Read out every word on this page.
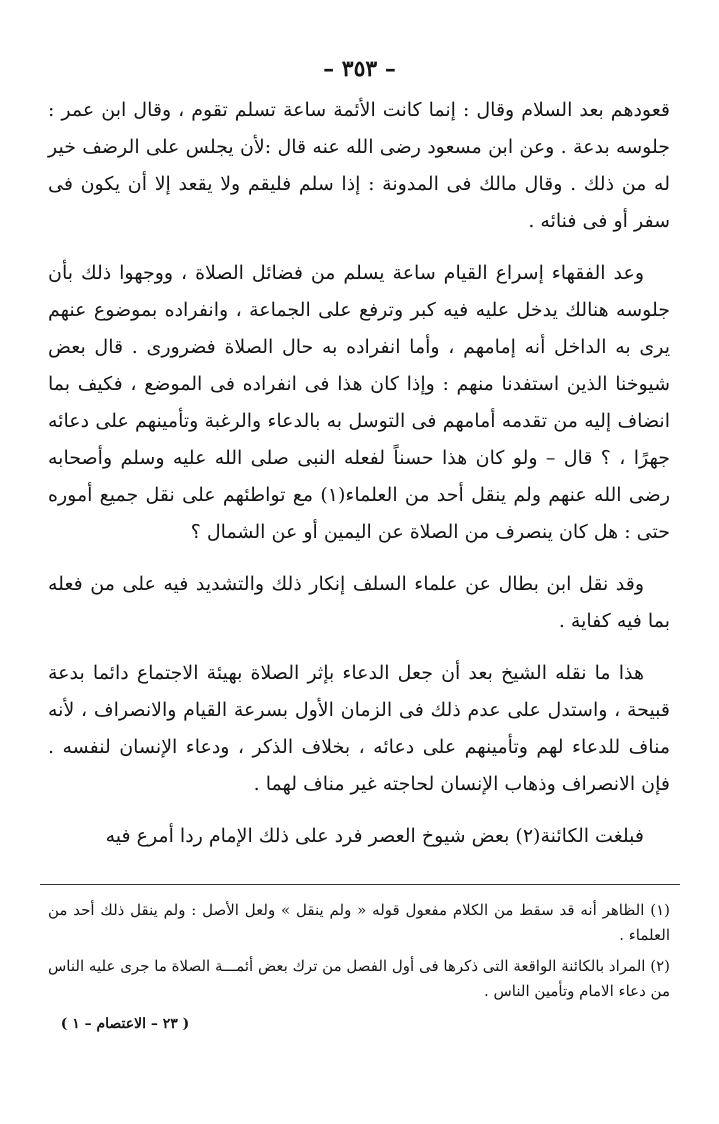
– ٣٥٣ –

قعودهم بعد السلام وقال : إنما كانت الأئمة ساعة تسلم تقوم ، وقال ابن عمر : جلوسه بدعة . وعن ابن مسعود رضى الله عنه قال :لأن يجلس على الرضف خير له من ذلك . وقال مالك فى المدونة : إذا سلم فليقم ولا يقعد إلا أن يكون فى سفر أو فى فنائه .

وعد الفقهاء إسراع القيام ساعة يسلم من فضائل الصلاة ، ووجهوا ذلك بأن جلوسه هنالك يدخل عليه فيه كبر وترفع على الجماعة ، وانفراده بموضوع عنهم يرى به الداخل أنه إمامهم ، وأما انفراده به حال الصلاة فضرورى . قال بعض شيوخنا الذين استفدنا منهم : وإذا كان هذا فى انفراده فى الموضع ، فكيف بما انضاف إليه من تقدمه أمامهم فى التوسل به بالدعاء والرغبة وتأمينهم على دعائه جهرًا ، ؟ قال – ولو كان هذا حسناً لفعله النبى صلى الله عليه وسلم وأصحابه رضى الله عنهم ولم ينقل أحد من العلماء(١) مع تواطئهم على نقل جميع أموره حتى : هل كان ينصرف من الصلاة عن اليمين أو عن الشمال ؟

وقد نقل ابن بطال عن علماء السلف إنكار ذلك والتشديد فيه على من فعله بما فيه كفاية .

هذا ما نقله الشيخ بعد أن جعل الدعاء بإثر الصلاة بهيئة الاجتماع دائما بدعة قبيحة ، واستدل على عدم ذلك فى الزمان الأول بسرعة القيام والانصراف ، لأنه مناف للدعاء لهم وتأمينهم على دعائه ، بخلاف الذكر ، ودعاء الإنسان لنفسه . فإن الانصراف وذهاب الإنسان لحاجته غير مناف لهما .

فبلغت الكائنة(٢) بعض شيوخ العصر فرد على ذلك الإمام ردا أمرع فيه

(١) الظاهر أنه قد سقط من الكلام مفعول قوله « ولم ينقل » ولعل الأصل : ولم ينقل ذلك أحد من العلماء .

(٢) المراد بالكائنة الواقعة التى ذكرها فى أول الفصل من ترك بعض أئمـــة الصلاة ما جرى عليه الناس من دعاء الامام وتأمين الناس .

( ٢٣ – الاعتصام – ١ )
